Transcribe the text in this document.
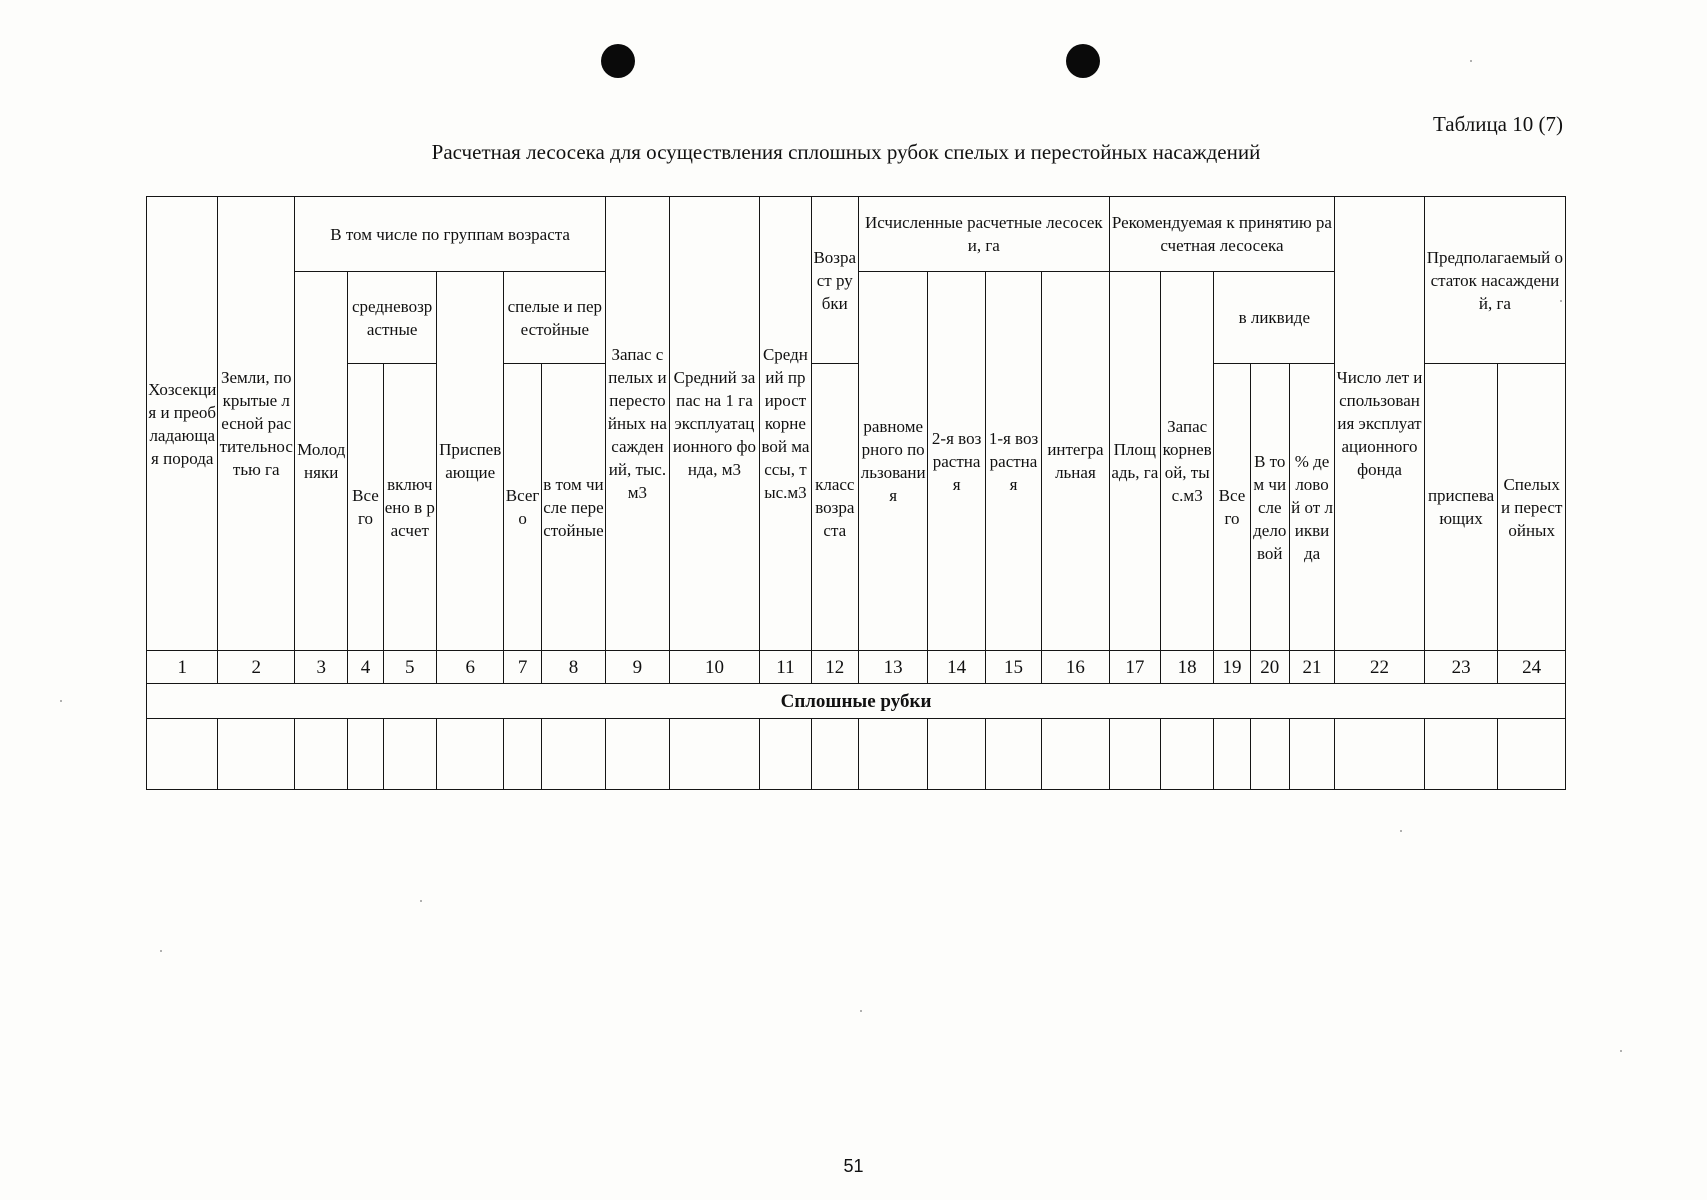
Таблица 10 (7)
Расчетная лесосека для осуществления сплошных рубок спелых и перестойных насаждений
Хозсекция и преобладающая порода	Земли, покрытые лесной растительностью га	В том числе по группам возраста						Запас спелых и перестойных насаждений, тыс. м3	Средний запас на 1 га эксплуатационного фонда, м3	Средний прирост корневой массы, тыс.м3	Возраст рубки	Исчисленные расчетные лесосеки, га				Рекомендуемая к принятию расчетная лесосека					Число лет использования эксплуатационного фонда	Предполагаемый остаток насаждений, га	
		Молодняки	средневозрастные		Приспевающие	спелые и перестойные						равномерного пользования	2-я возрастная	1-я возрастная	интегральная	Площадь, га	Запас корневой, тыс.м3	в ликвиде					
			Всего	включено в расчет		Всего	в том числе перестойные				класс возраста							Всего	В том числе деловой	% деловой от ликвида		приспевающих	Спелых и перестойных
1	2	3	4	5	6	7	8	9	10	11	12	13	14	15	16	17	18	19	20	21	22	23	24
Сплошные рубки																							

51
